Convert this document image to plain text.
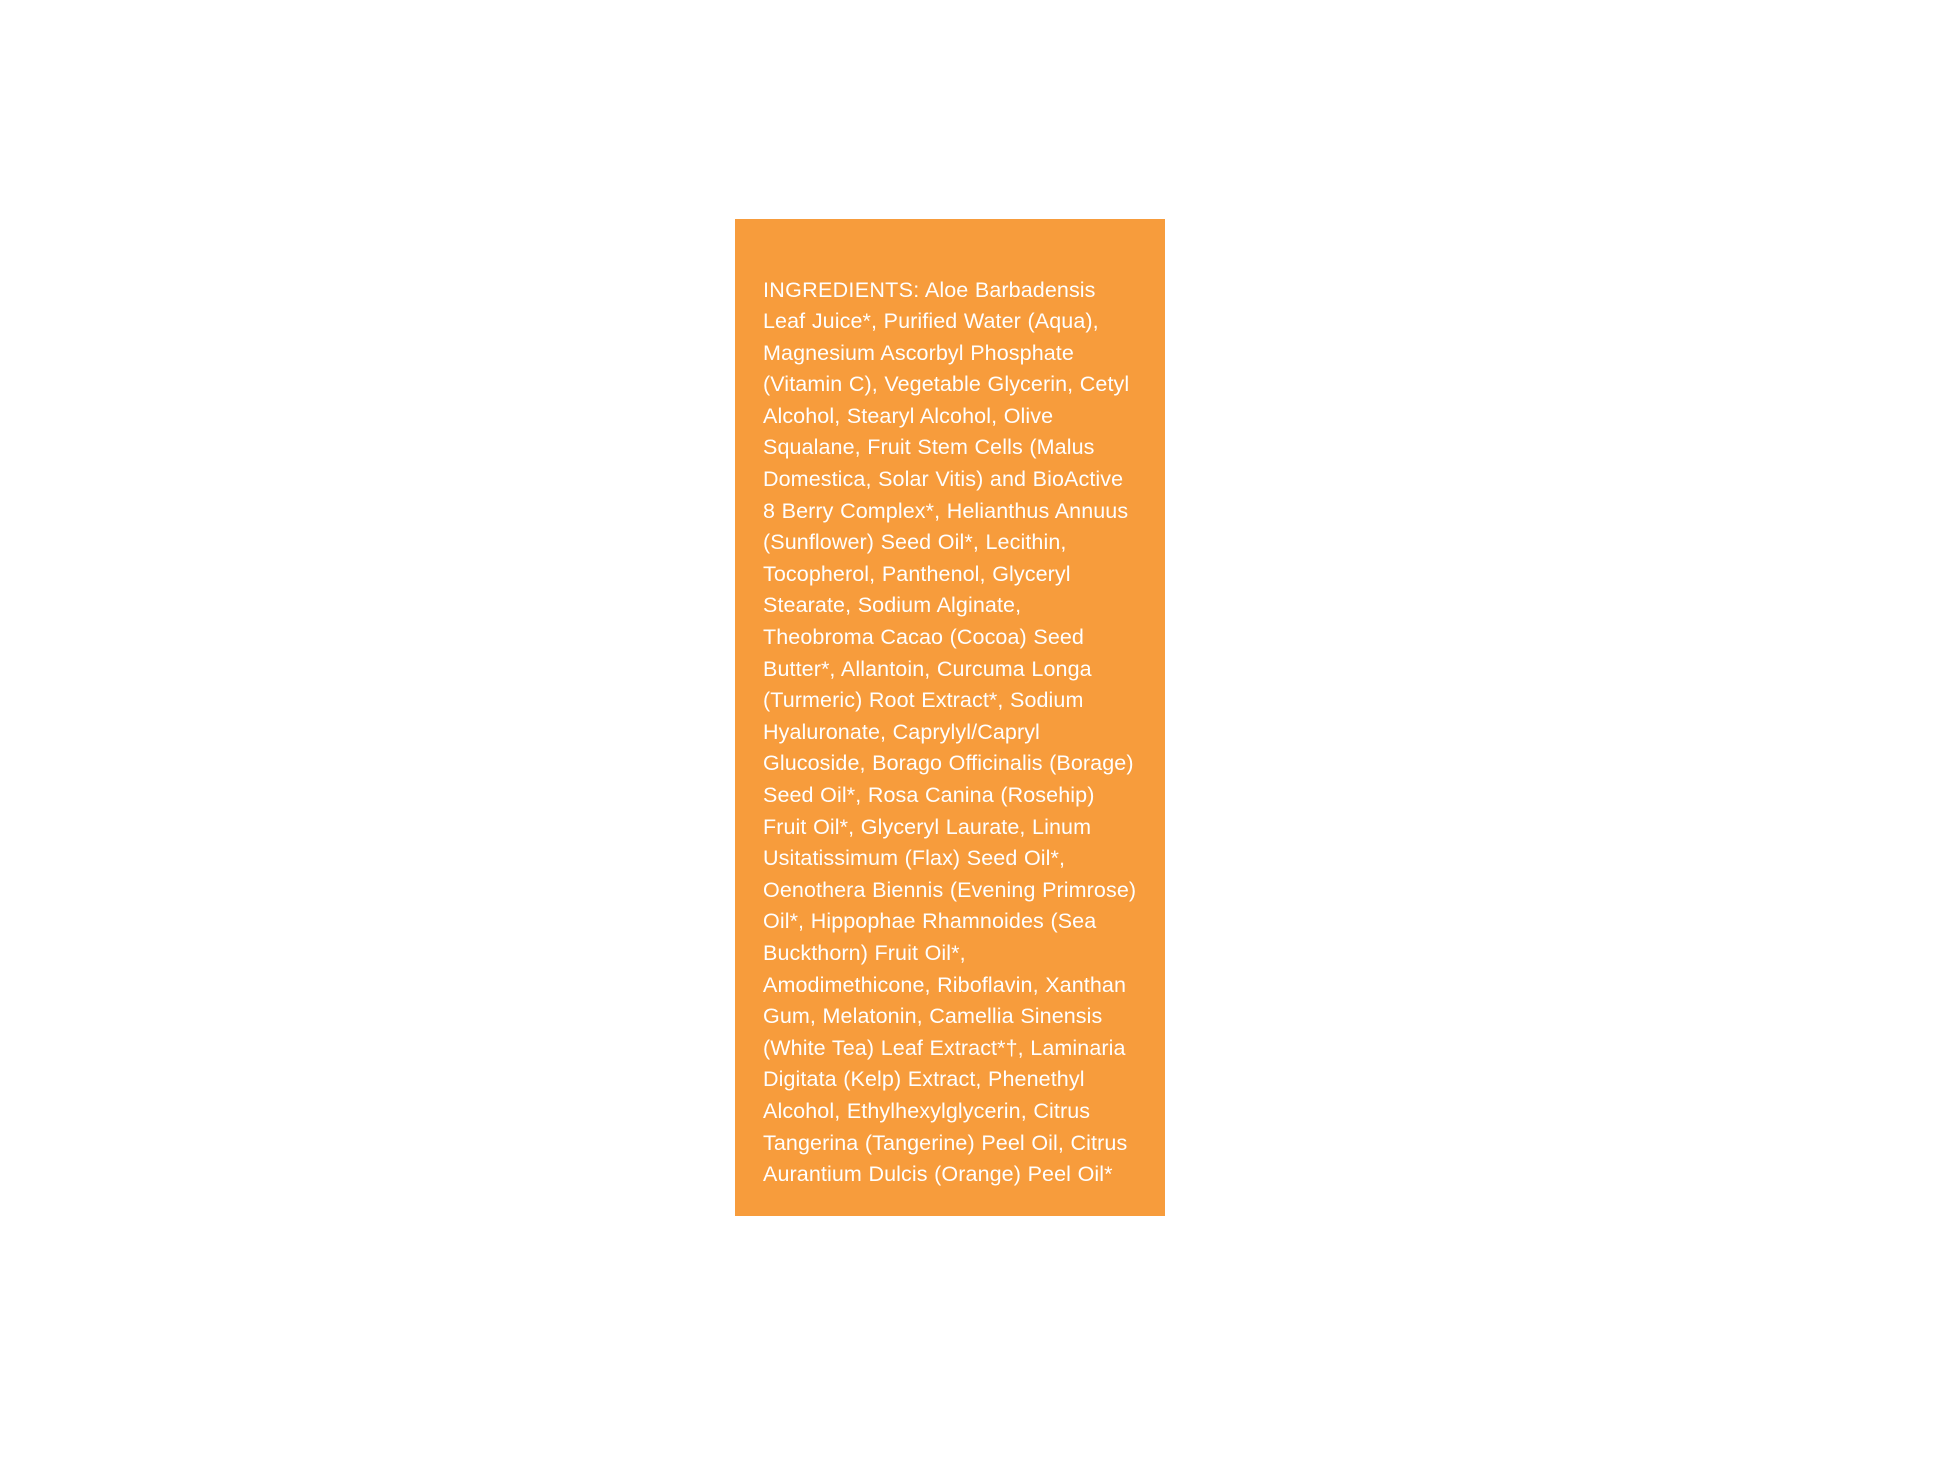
INGREDIENTS: Aloe Barbadensis Leaf Juice*, Purified Water (Aqua), Magnesium Ascorbyl Phosphate (Vitamin C), Vegetable Glycerin, Cetyl Alcohol, Stearyl Alcohol, Olive Squalane, Fruit Stem Cells (Malus Domestica, Solar Vitis) and BioActive 8 Berry Complex*, Helianthus Annuus (Sunflower) Seed Oil*, Lecithin, Tocopherol, Panthenol, Glyceryl Stearate, Sodium Alginate, Theobroma Cacao (Cocoa) Seed Butter*, Allantoin, Curcuma Longa (Turmeric) Root Extract*, Sodium Hyaluronate, Caprylyl/Capryl Glucoside, Borago Officinalis (Borage) Seed Oil*, Rosa Canina (Rosehip) Fruit Oil*, Glyceryl Laurate, Linum Usitatissimum (Flax) Seed Oil*, Oenothera Biennis (Evening Primrose) Oil*, Hippophae Rhamnoides (Sea Buckthorn) Fruit Oil*, Amodimethicone, Riboflavin, Xanthan Gum, Melatonin, Camellia Sinensis (White Tea) Leaf Extract*†, Laminaria Digitata (Kelp) Extract, Phenethyl Alcohol, Ethylhexylglycerin, Citrus Tangerina (Tangerine) Peel Oil, Citrus Aurantium Dulcis (Orange) Peel Oil*

* Certified Organic
† Fair Trade Ingredients
